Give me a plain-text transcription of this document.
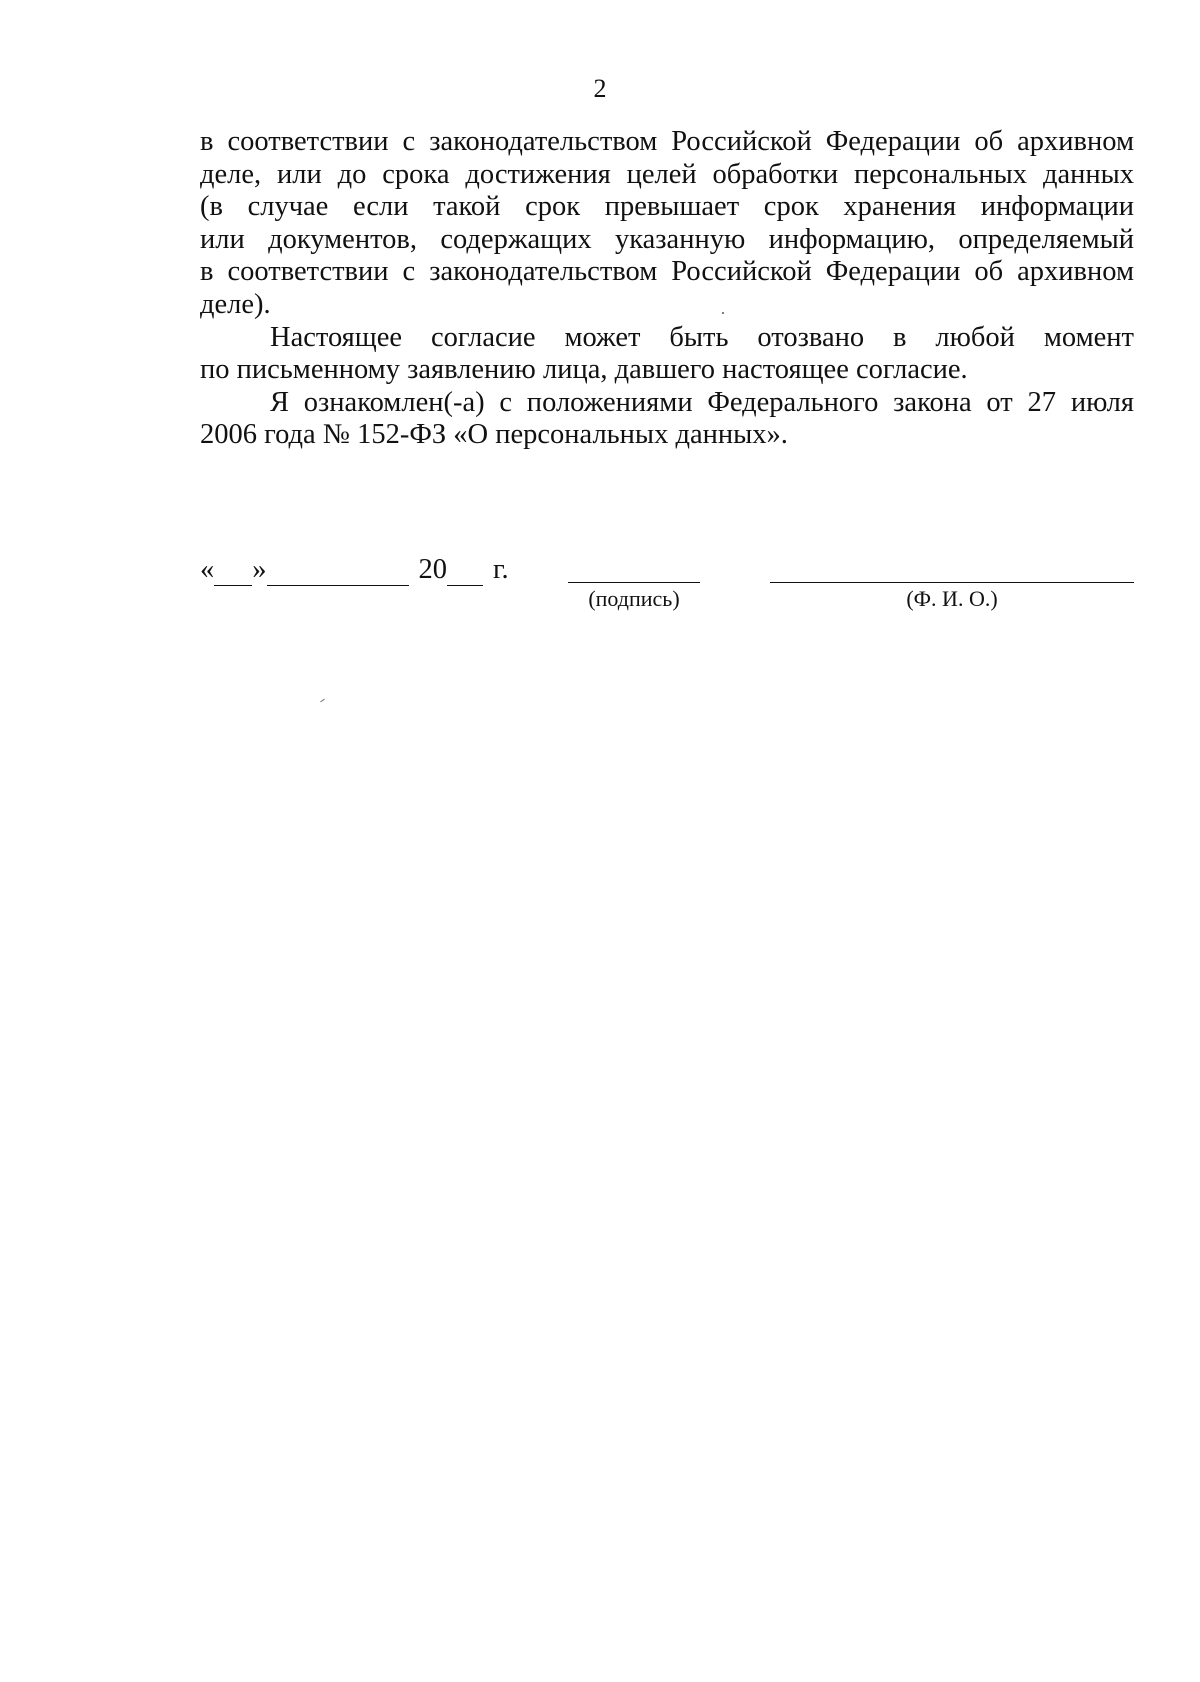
2
в соответствии с законодательством Российской Федерации об архивном
деле, или до срока достижения целей обработки персональных данных
(в случае если такой срок превышает срок хранения информации
или документов, содержащих указанную информацию, определяемый
в соответствии с законодательством Российской Федерации об архивном
деле).
Настоящее согласие может быть отозвано в любой момент
по письменному заявлению лица, давшего настоящее согласие.
Я ознакомлен(-а) с положениями Федерального закона от 27 июля
2006 года № 152-ФЗ «О персональных данных».
« »	20 г.
(подпись)	(Ф. И. О.)
